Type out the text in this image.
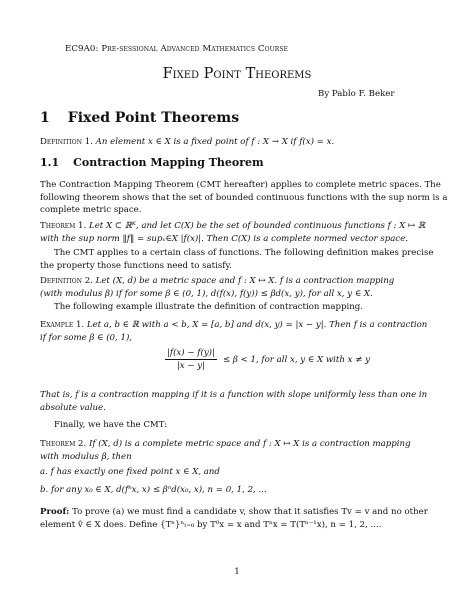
EC9A0: Pre-sessional Advanced Mathematics Course
Fixed Point Theorems
By Pablo F. Beker
1 Fixed Point Theorems
Definition 1. An element x ∈ X is a fixed point of f : X → X if f(x) = x.
1.1 Contraction Mapping Theorem
The Contraction Mapping Theorem (CMT hereafter) applies to complete metric spaces. The
following theorem shows that the set of bounded continuous functions with the sup norm is a
complete metric space.
Theorem 1. Let X ⊂ ℝᴷ, and let C(X) be the set of bounded continuous functions f : X ↦ ℝ
with the sup norm ‖f‖ = supₓ∈X |f(x)|. Then C(X) is a complete normed vector space.
The CMT applies to a certain class of functions. The following definition makes precise
the property those functions need to satisfy.
Definition 2. Let (X, d) be a metric space and f : X ↦ X. f is a contraction mapping
(with modulus β) if for some β ∈ (0, 1), d(f(x), f(y)) ≤ βd(x, y), for all x, y ∈ X.
The following example illustrate the definition of contraction mapping.
Example 1. Let a, b ∈ ℝ with a < b, X = [a, b] and d(x, y) = |x − y|. Then f is a contraction
if for some β ∈ (0, 1),
$\frac{|f(x) - f(y)|}{|x - y|} \le \beta < 1$, for all x, y ∈ X with x ≠ y
That is, f is a contraction mapping if it is a function with slope uniformly less than one in
absolute value.
Finally, we have the CMT:
Theorem 2. If (X, d) is a complete metric space and f : X ↦ X is a contraction mapping
with modulus β, then
a. f has exactly one fixed point x ∈ X, and
b. for any x₀ ∈ X, d(fⁿx, x) ≤ βⁿd(x₀, x), n = 0, 1, 2, ...
Proof: To prove (a) we must find a candidate v, show that it satisfies Tv = v and no other
element v̂ ∈ X does. Define {Tⁿ}ⁿₜ₌₀ by T⁰x = x and Tⁿx = T(Tⁿ⁻¹x), n = 1, 2, ....
1
